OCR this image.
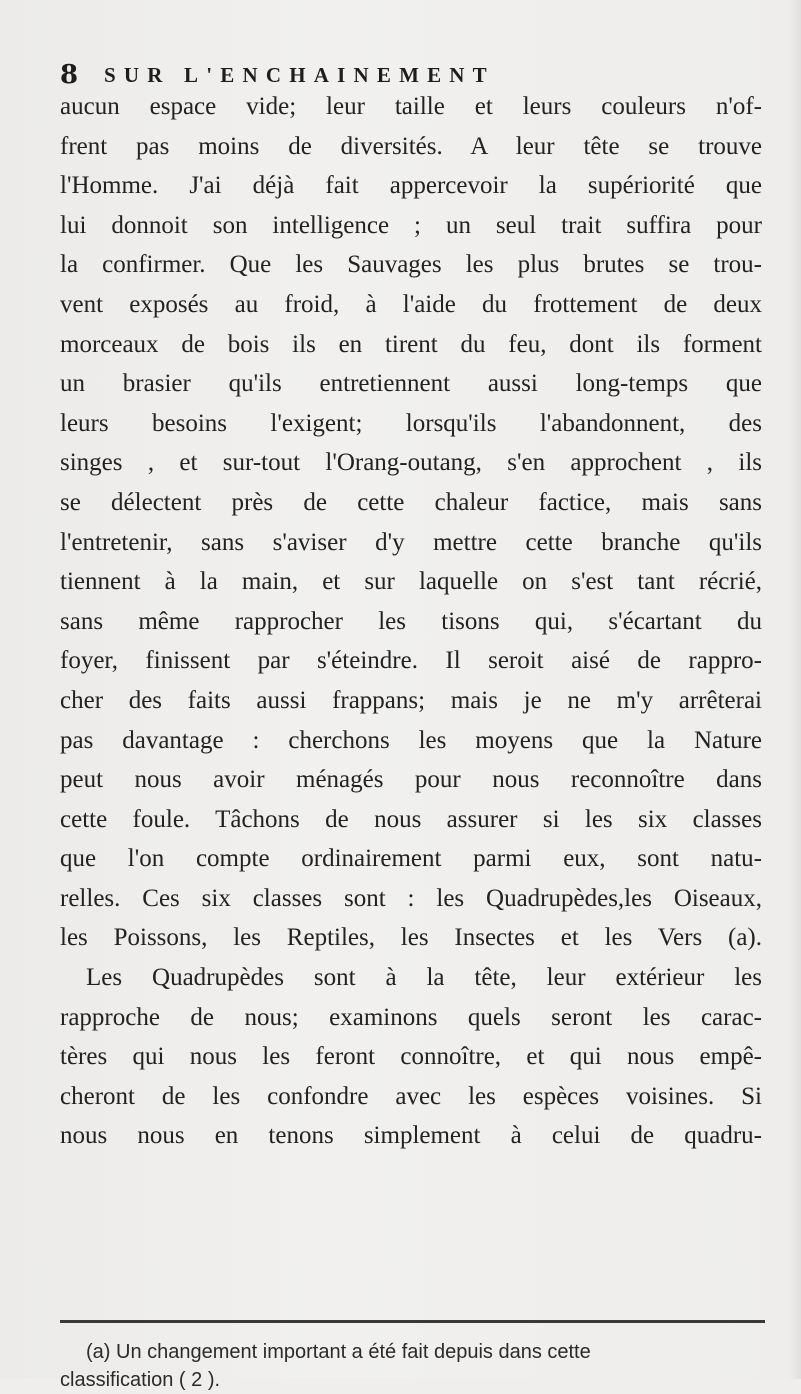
8 SUR L'ENCHAINEMENT
aucun espace vide; leur taille et leurs couleurs n'of-
frent pas moins de diversités. A leur tête se trouve
l'Homme. J'ai déjà fait appercevoir la supériorité que
lui donnoit son intelligence ; un seul trait suffira pour
la confirmer. Que les Sauvages les plus brutes se trou-
vent exposés au froid, à l'aide du frottement de deux
morceaux de bois ils en tirent du feu, dont ils forment
un brasier qu'ils entretiennent aussi long-temps que
leurs besoins l'exigent; lorsqu'ils l'abandonnent, des
singes , et sur-tout l'Orang-outang, s'en approchent , ils
se délectent près de cette chaleur factice, mais sans
l'entretenir, sans s'aviser d'y mettre cette branche qu'ils
tiennent à la main, et sur laquelle on s'est tant récrié,
sans même rapprocher les tisons qui, s'écartant du
foyer, finissent par s'éteindre. Il seroit aisé de rappro-
cher des faits aussi frappans; mais je ne m'y arrêterai
pas davantage : cherchons les moyens que la Nature
peut nous avoir ménagés pour nous reconnoître dans
cette foule. Tâchons de nous assurer si les six classes
que l'on compte ordinairement parmi eux, sont natu-
relles. Ces six classes sont : les Quadrupèdes,les Oiseaux,
les Poissons, les Reptiles, les Insectes et les Vers (a).
Les Quadrupèdes sont à la tête, leur extérieur les
rapproche de nous; examinons quels seront les carac-
tères qui nous les feront connoître, et qui nous empê-
cheront de les confondre avec les espèces voisines. Si
nous nous en tenons simplement à celui de quadru-
(a) Un changement important a été fait depuis dans cette
classification ( 2 ).
